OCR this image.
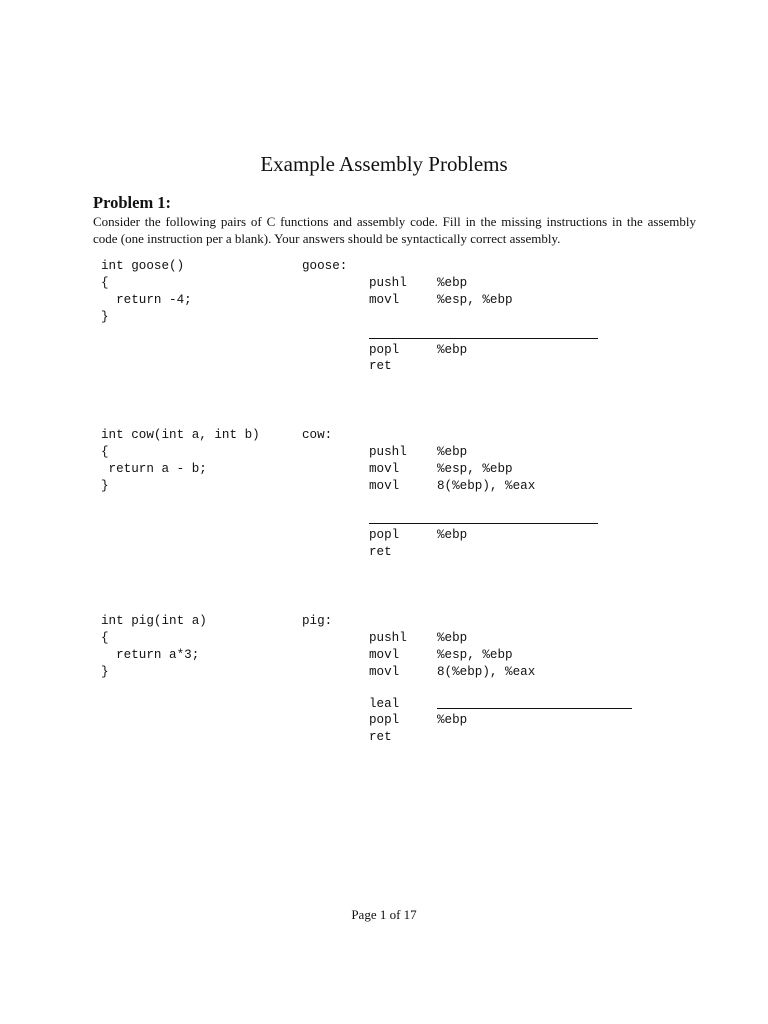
Example Assembly Problems
Problem 1:
Consider the following pairs of C functions and assembly code. Fill in the missing instructions in the assembly code (one instruction per a blank). Your answers should be syntactically correct assembly.
int goose()
{
return -4;
}
goose:
pushl %ebp
movl	%esp, %ebp
popl	%ebp
ret
int cow(int a, int b)
{
return a - b;
}
cow:
pushl %ebp
movl	%esp, %ebp
movl	8(%ebp), %eax
popl	%ebp
ret
int pig(int a)
{
return a*3;
}
pig:
pushl %ebp
movl	%esp, %ebp
movl	8(%ebp), %eax
leal
popl	%ebp
ret
Page 1 of 17
